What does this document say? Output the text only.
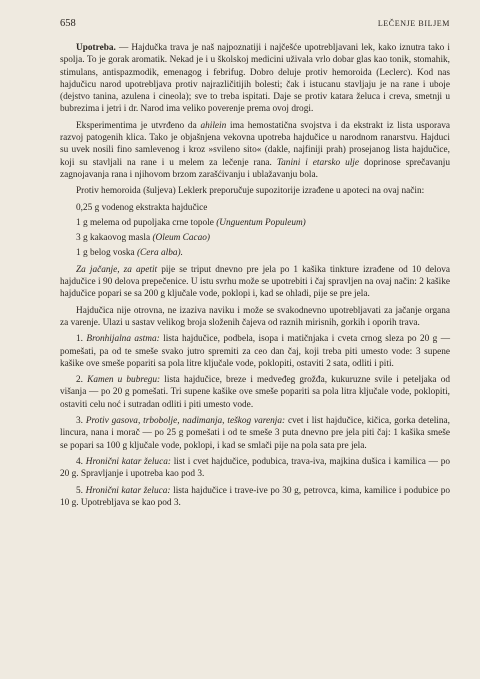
658	LEČENJE BILJEM

Upotreba. — Hajdučka trava je naš najpoznatiji i najčešće upotrebljavani lek, kako iznutra tako i spolja. To je gorak aromatik. Nekad je i u školskoj medicini uživala vrlo dobar glas kao tonik, stomahik, stimulans, antispazmodik, emenagog i febrifug. Dobro deluje protiv hemoroida (Leclerc). Kod nas hajdučicu narod upotrebljava protiv najrazličitijih bolesti; čak i istucanu stavljaju je na rane i uboje (dejstvo tanina, azulena i cineola); sve to treba ispitati. Daje se protiv katara želuca i creva, smetnji u bubrezima i jetri i dr. Narod ima veliko poverenje prema ovoj drogi.

Eksperimentima je utvrđeno da ahilein ima hemostatična svojstva i da ekstrakt iz lista usporava razvoj patogenih klica. Tako je objašnjena vekovna upotreba hajdučice u narodnom ranarstvu. Hajduci su uvek nosili fino samlevenog i kroz »svileno sito« (dakle, najfiniji prah) prosejanog lista hajdučice, koji su stavljali na rane i u melem za lečenje rana. Tanini i etarsko ulje doprinose sprečavanju zagnojavanja rana i njihovom brzom zarašćivanju i ublažavanju bola.

Protiv hemoroida (šuljeva) Leklerk preporučuje supozitorije izrađene u apoteci na ovaj način:

0,25 g vodenog ekstrakta hajdučice

1 g melema od pupoljaka crne topole (Unguentum Populeum)

3 g kakaovog masla (Oleum Cacao)

1 g belog voska (Cera alba).

Za jačanje, za apetit pije se triput dnevno pre jela po 1 kašika tinkture izrađene od 10 delova hajdučice i 90 delova prepečenice. U istu svrhu može se upotrebiti i čaj spravljen na ovaj način: 2 kašike hajdučice popari se sa 200 g ključale vode, poklopi i, kad se ohladi, pije se pre jela.

Hajdučica nije otrovna, ne izaziva naviku i može se svakodnevno upotrebljavati za jačanje organa za varenje. Ulazi u sastav velikog broja složenih čajeva od raznih mirisnih, gorkih i oporih trava.

1. Bronhijalna astma: lista hajdučice, podbela, isopa i matičnjaka i cveta crnog sleza po 20 g — pomešati, pa od te smeše svako jutro spremiti za ceo dan čaj, koji treba piti umesto vode: 3 supene kašike ove smeše popariti sa pola litre ključale vode, poklopiti, ostaviti 2 sata, odliti i piti.

2. Kamen u bubregu: lista hajdučice, breze i medveđeg grožđa, kukuruzne svile i peteljaka od višanja — po 20 g pomešati. Tri supene kašike ove smeše popariti sa pola litra ključale vode, poklopiti, ostaviti celu noć i sutradan odliti i piti umesto vode.

3. Protiv gasova, trbobolje, nadimanja, teškog varenja: cvet i list hajdučice, kičica, gorka detelina, lincura, nana i morač — po 25 g pomešati i od te smeše 3 puta dnevno pre jela piti čaj: 1 kašika smeše se popari sa 100 g ključale vode, poklopi, i kad se smlači pije na pola sata pre jela.

4. Hronični katar želuca: list i cvet hajdučice, podubica, trava-iva, majkina dušica i kamilica — po 20 g. Spravljanje i upotreba kao pod 3.

5. Hronični katar želuca: lista hajdučice i trave-ive po 30 g, petrovca, kima, kamilice i podubice po 10 g. Upotrebljava se kao pod 3.
